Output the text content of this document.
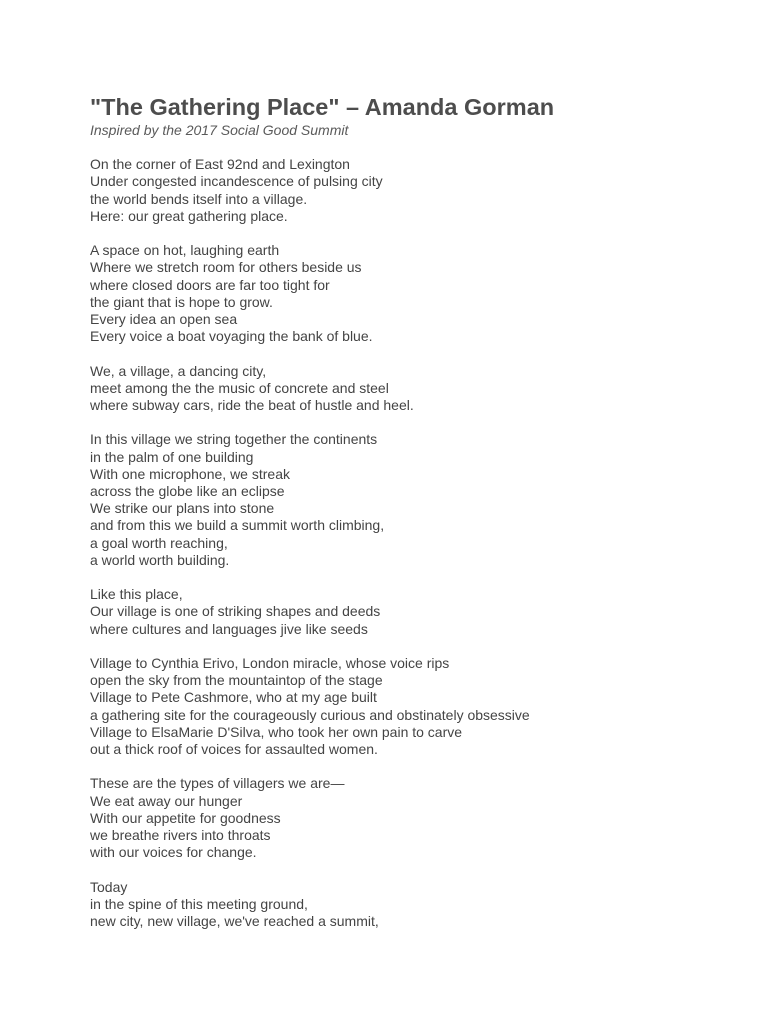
"The Gathering Place" – Amanda Gorman

Inspired by the 2017 Social Good Summit

On the corner of East 92nd and Lexington
Under congested incandescence of pulsing city
the world bends itself into a village.
Here: our great gathering place.
A space on hot, laughing earth
Where we stretch room for others beside us
where closed doors are far too tight for
the giant that is hope to grow.
Every idea an open sea
Every voice a boat voyaging the bank of blue.
We, a village, a dancing city,
meet among the the music of concrete and steel
where subway cars, ride the beat of hustle and heel.
In this village we string together the continents
in the palm of one building
With one microphone, we streak
across the globe like an eclipse
We strike our plans into stone
and from this we build a summit worth climbing,
a goal worth reaching,
a world worth building.
Like this place,
Our village is one of striking shapes and deeds
where cultures and languages jive like seeds
Village to Cynthia Erivo, London miracle, whose voice rips
open the sky from the mountaintop of the stage
Village to Pete Cashmore, who at my age built
a gathering site for the courageously curious and obstinately obsessive
Village to ElsaMarie D'Silva, who took her own pain to carve
out a thick roof of voices for assaulted women.
These are the types of villagers we are—
We eat away our hunger
With our appetite for goodness
we breathe rivers into throats
with our voices for change.
Today
in the spine of this meeting ground,
new city, new village, we've reached a summit,
